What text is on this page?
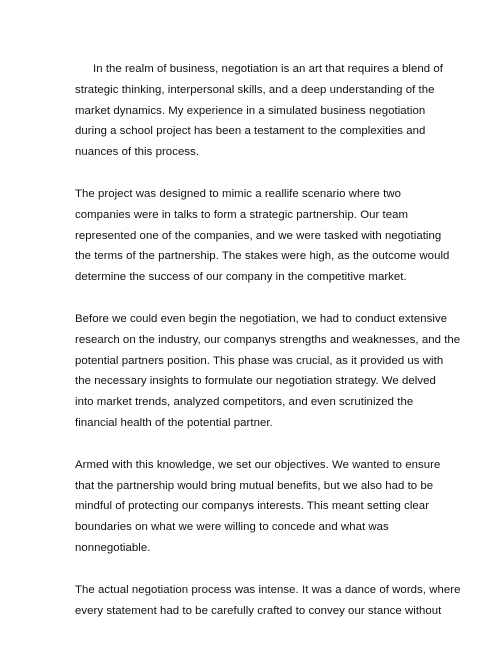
In the realm of business, negotiation is an art that requires a blend of
strategic thinking, interpersonal skills, and a deep understanding of the
market dynamics. My experience in a simulated business negotiation
during a school project has been a testament to the complexities and
nuances of this process.

The project was designed to mimic a reallife scenario where two
companies were in talks to form a strategic partnership. Our team
represented one of the companies, and we were tasked with negotiating
the terms of the partnership. The stakes were high, as the outcome would
determine the success of our company in the competitive market.

Before we could even begin the negotiation, we had to conduct extensive
research on the industry, our companys strengths and weaknesses, and the
potential partners position. This phase was crucial, as it provided us with
the necessary insights to formulate our negotiation strategy. We delved
into market trends, analyzed competitors, and even scrutinized the
financial health of the potential partner.

Armed with this knowledge, we set our objectives. We wanted to ensure
that the partnership would bring mutual benefits, but we also had to be
mindful of protecting our companys interests. This meant setting clear
boundaries on what we were willing to concede and what was
nonnegotiable.

The actual negotiation process was intense. It was a dance of words, where
every statement had to be carefully crafted to convey our stance without
